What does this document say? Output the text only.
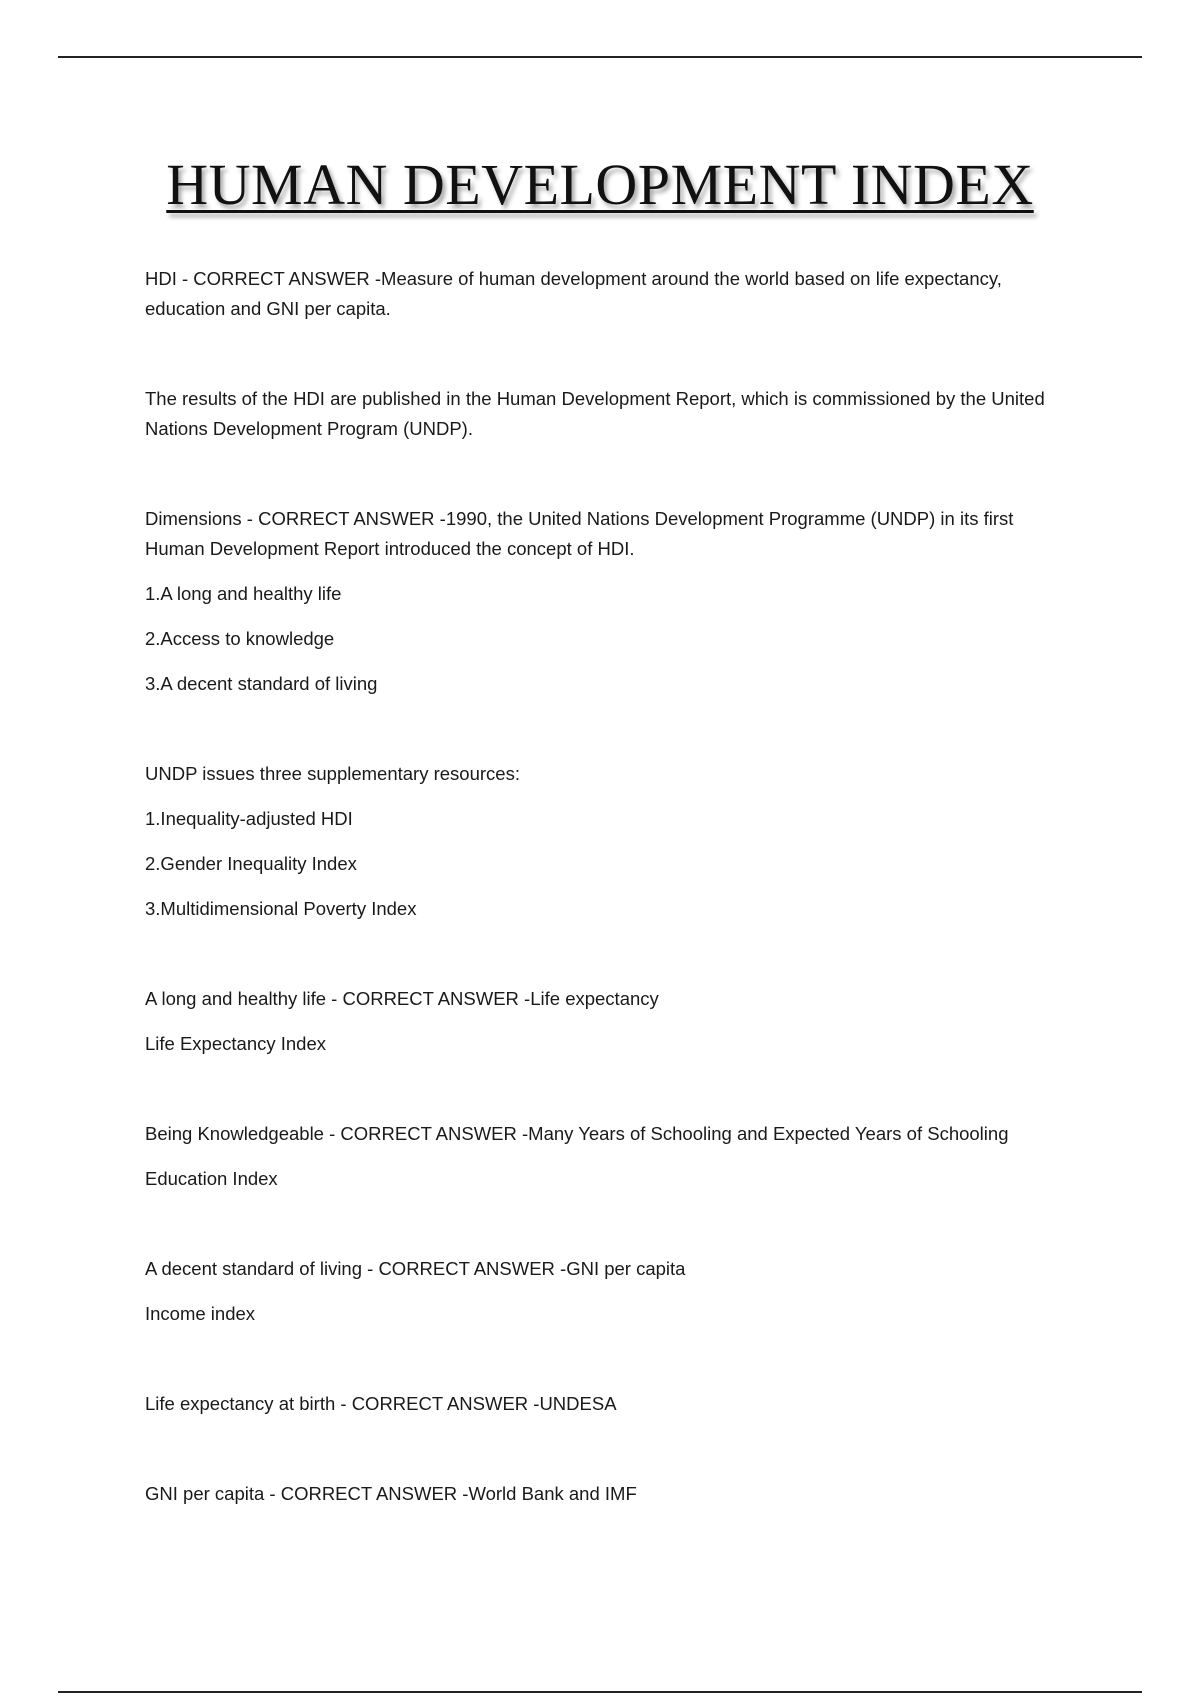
HUMAN DEVELOPMENT INDEX

HDI - CORRECT ANSWER -Measure of human development around the world based on life expectancy, education and GNI per capita.

The results of the HDI are published in the Human Development Report, which is commissioned by the United Nations Development Program (UNDP).

Dimensions - CORRECT ANSWER -1990, the United Nations Development Programme (UNDP) in its first Human Development Report introduced the concept of HDI.

1.A long and healthy life

2.Access to knowledge

3.A decent standard of living

UNDP issues three supplementary resources:

1.Inequality-adjusted HDI

2.Gender Inequality Index

3.Multidimensional Poverty Index

A long and healthy life - CORRECT ANSWER -Life expectancy

Life Expectancy Index

Being Knowledgeable - CORRECT ANSWER -Many Years of Schooling and Expected Years of Schooling

Education Index

A decent standard of living - CORRECT ANSWER -GNI per capita

Income index

Life expectancy at birth - CORRECT ANSWER -UNDESA

GNI per capita - CORRECT ANSWER -World Bank and IMF
